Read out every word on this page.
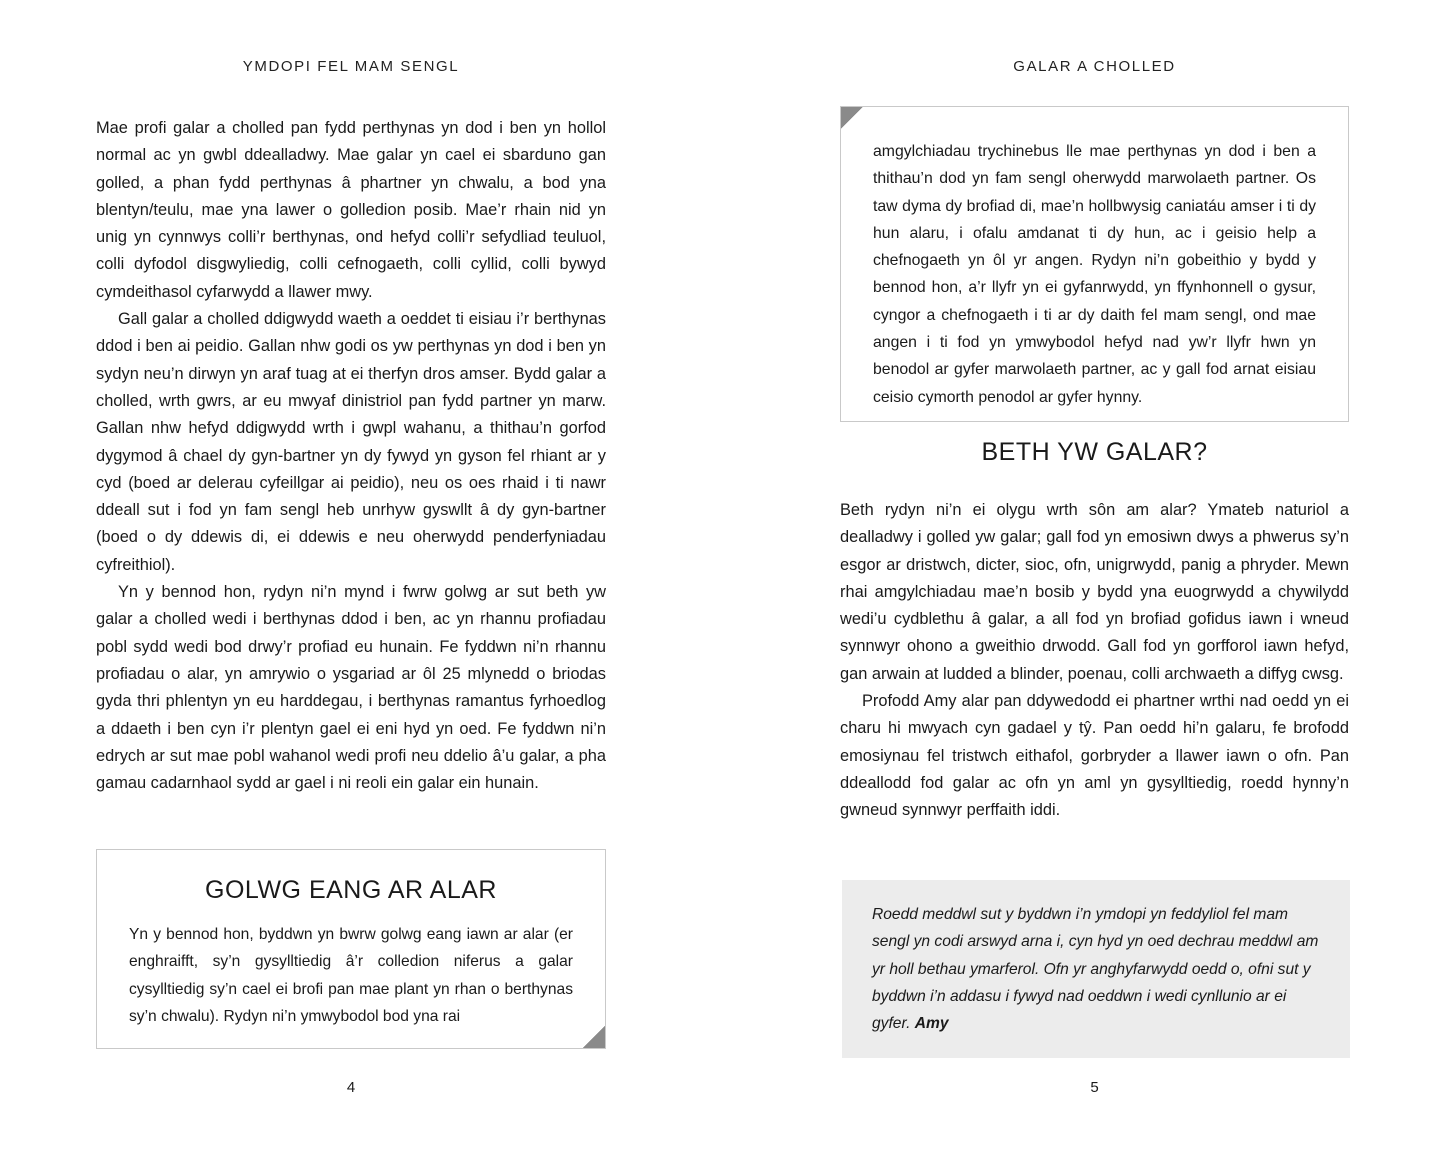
YMDOPI FEL MAM SENGL

Mae profi galar a cholled pan fydd perthynas yn dod i ben yn hollol normal ac yn gwbl ddealladwy. Mae galar yn cael ei sbarduno gan golled, a phan fydd perthynas â phartner yn chwalu, a bod yna blentyn/teulu, mae yna lawer o golledion posib. Mae’r rhain nid yn unig yn cynnwys colli’r berthynas, ond hefyd colli’r sefydliad teuluol, colli dyfodol disgwyliedig, colli cefnogaeth, colli cyllid, colli bywyd cymdeithasol cyfarwydd a llawer mwy.

Gall galar a cholled ddigwydd waeth a oeddet ti eisiau i’r berthynas ddod i ben ai peidio. Gallan nhw godi os yw perthynas yn dod i ben yn sydyn neu’n dirwyn yn araf tuag at ei therfyn dros amser. Bydd galar a cholled, wrth gwrs, ar eu mwyaf dinistriol pan fydd partner yn marw. Gallan nhw hefyd ddigwydd wrth i gwpl wahanu, a thithau’n gorfod dygymod â chael dy gyn-bartner yn dy fywyd yn gyson fel rhiant ar y cyd (boed ar delerau cyfeillgar ai peidio), neu os oes rhaid i ti nawr ddeall sut i fod yn fam sengl heb unrhyw gyswllt â dy gyn-bartner (boed o dy ddewis di, ei ddewis e neu oherwydd penderfyniadau cyfreithiol).

Yn y bennod hon, rydyn ni’n mynd i fwrw golwg ar sut beth yw galar a cholled wedi i berthynas ddod i ben, ac yn rhannu profiadau pobl sydd wedi bod drwy’r profiad eu hunain. Fe fyddwn ni’n rhannu profiadau o alar, yn amrywio o ysgariad ar ôl 25 mlynedd o briodas gyda thri phlentyn yn eu harddegau, i berthynas ramantus fyrhoedlog a ddaeth i ben cyn i’r plentyn gael ei eni hyd yn oed. Fe fyddwn ni’n edrych ar sut mae pobl wahanol wedi profi neu ddelio â’u galar, a pha gamau cadarnhaol sydd ar gael i ni reoli ein galar ein hunain.

GOLWG EANG AR ALAR

Yn y bennod hon, byddwn yn bwrw golwg eang iawn ar alar (er enghraifft, sy’n gysylltiedig â’r colledion niferus a galar cysylltiedig sy’n cael ei brofi pan mae plant yn rhan o berthynas sy’n chwalu). Rydyn ni’n ymwybodol bod yna rai

4
GALAR A CHOLLED

amgylchiadau trychinebus lle mae perthynas yn dod i ben a thithau’n dod yn fam sengl oherwydd marwolaeth partner. Os taw dyma dy brofiad di, mae’n hollbwysig caniatáu amser i ti dy hun alaru, i ofalu amdanat ti dy hun, ac i geisio help a chefnogaeth yn ôl yr angen. Rydyn ni’n gobeithio y bydd y bennod hon, a’r llyfr yn ei gyfanrwydd, yn ffynhonnell o gysur, cyngor a chefnogaeth i ti ar dy daith fel mam sengl, ond mae angen i ti fod yn ymwybodol hefyd nad yw’r llyfr hwn yn benodol ar gyfer marwolaeth partner, ac y gall fod arnat eisiau ceisio cymorth penodol ar gyfer hynny.

BETH YW GALAR?

Beth rydyn ni’n ei olygu wrth sôn am alar? Ymateb naturiol a dealladwy i golled yw galar; gall fod yn emosiwn dwys a phwerus sy’n esgor ar dristwch, dicter, sioc, ofn, unigrwydd, panig a phryder. Mewn rhai amgylchiadau mae’n bosib y bydd yna euogrwydd a chywilydd wedi’u cydblethu â galar, a all fod yn brofiad gofidus iawn i wneud synnwyr ohono a gweithio drwodd. Gall fod yn gorfforol iawn hefyd, gan arwain at ludded a blinder, poenau, colli archwaeth a diffyg cwsg.

Profodd Amy alar pan ddywedodd ei phartner wrthi nad oedd yn ei charu hi mwyach cyn gadael y tŷ. Pan oedd hi’n galaru, fe brofodd emosiynau fel tristwch eithafol, gorbryder a llawer iawn o ofn. Pan ddeallodd fod galar ac ofn yn aml yn gysylltiedig, roedd hynny’n gwneud synnwyr perffaith iddi.

Roedd meddwl sut y byddwn i’n ymdopi yn feddyliol fel mam sengl yn codi arswyd arna i, cyn hyd yn oed dechrau meddwl am yr holl bethau ymarferol. Ofn yr anghyfarwydd oedd o, ofni sut y byddwn i’n addasu i fywyd nad oeddwn i wedi cynllunio ar ei gyfer. Amy

5
